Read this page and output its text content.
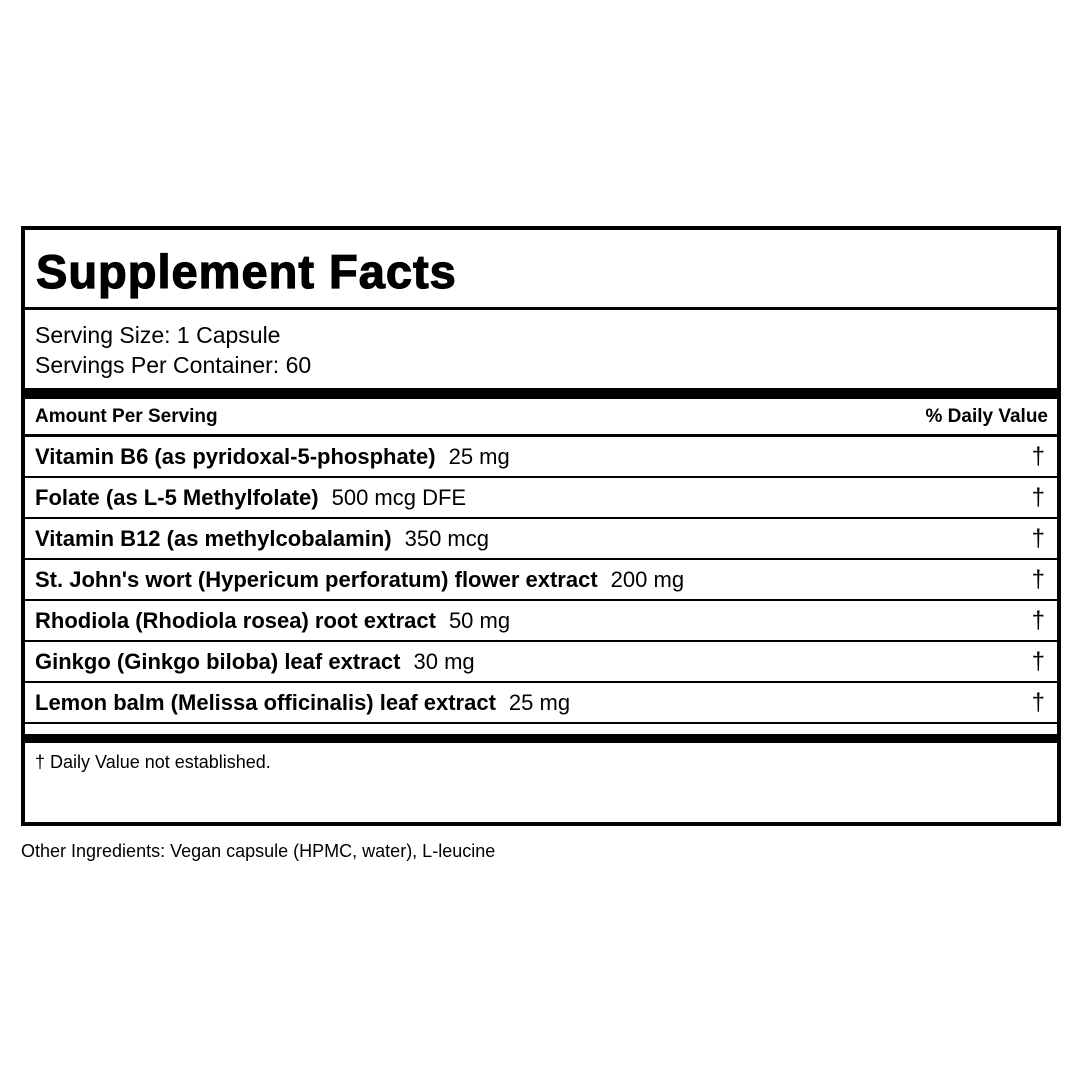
Supplement Facts
Serving Size: 1 Capsule
Servings Per Container: 60
Amount Per Serving	% Daily Value
Vitamin B6 (as pyridoxal-5-phosphate) 25 mg	†
Folate (as L-5 Methylfolate) 500 mcg DFE	†
Vitamin B12 (as methylcobalamin) 350 mcg	†
St. John's wort (Hypericum perforatum) flower extract 200 mg	†
Rhodiola (Rhodiola rosea) root extract 50 mg	†
Ginkgo (Ginkgo biloba) leaf extract 30 mg	†
Lemon balm (Melissa officinalis) leaf extract 25 mg	†
† Daily Value not established.
Other Ingredients: Vegan capsule (HPMC, water), L-leucine
